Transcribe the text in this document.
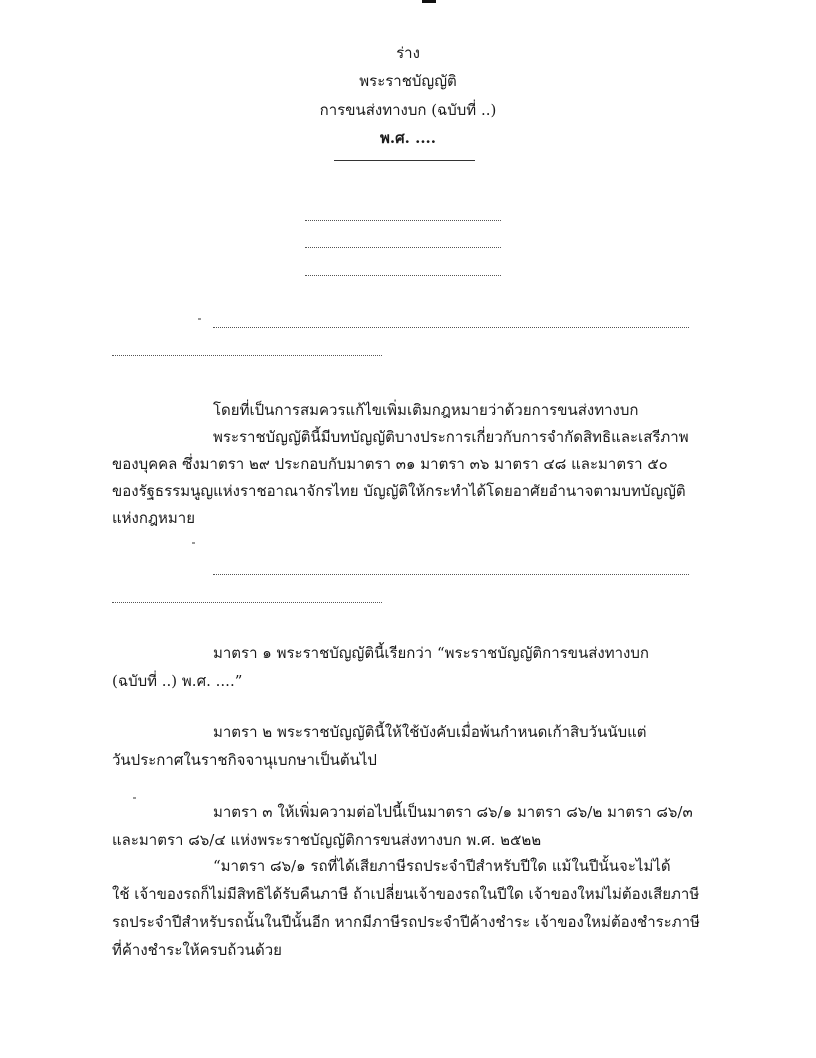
ร่าง
พระราชบัญญัติ
การขนส่งทางบก (ฉบับที่ ..)
พ.ศ. ....
โดยที่เป็นการสมควรแก้ไขเพิ่มเติมกฎหมายว่าด้วยการขนส่งทางบก
พระราชบัญญัตินี้มีบทบัญญัติบางประการเกี่ยวกับการจำกัดสิทธิและเสรีภาพ
ของบุคคล ซึ่งมาตรา ๒๙ ประกอบกับมาตรา ๓๑ มาตรา ๓๖ มาตรา ๔๘ และมาตรา ๕๐
ของรัฐธรรมนูญแห่งราชอาณาจักรไทย บัญญัติให้กระทำได้โดยอาศัยอำนาจตามบทบัญญัติ
แห่งกฎหมาย
มาตรา ๑ พระราชบัญญัตินี้เรียกว่า “พระราชบัญญัติการขนส่งทางบก
(ฉบับที่ ..) พ.ศ. ....”
มาตรา ๒ พระราชบัญญัตินี้ให้ใช้บังคับเมื่อพ้นกำหนดเก้าสิบวันนับแต่
วันประกาศในราชกิจจานุเบกษาเป็นต้นไป
มาตรา ๓ ให้เพิ่มความต่อไปนี้เป็นมาตรา ๘๖/๑ มาตรา ๘๖/๒ มาตรา ๘๖/๓
และมาตรา ๘๖/๔ แห่งพระราชบัญญัติการขนส่งทางบก พ.ศ. ๒๕๒๒
“มาตรา ๘๖/๑ รถที่ได้เสียภาษีรถประจำปีสำหรับปีใด แม้ในปีนั้นจะไม่ได้
ใช้ เจ้าของรถก็ไม่มีสิทธิได้รับคืนภาษี ถ้าเปลี่ยนเจ้าของรถในปีใด เจ้าของใหม่ไม่ต้องเสียภาษี
รถประจำปีสำหรับรถนั้นในปีนั้นอีก หากมีภาษีรถประจำปีค้างชำระ เจ้าของใหม่ต้องชำระภาษี
ที่ค้างชำระให้ครบถ้วนด้วย
